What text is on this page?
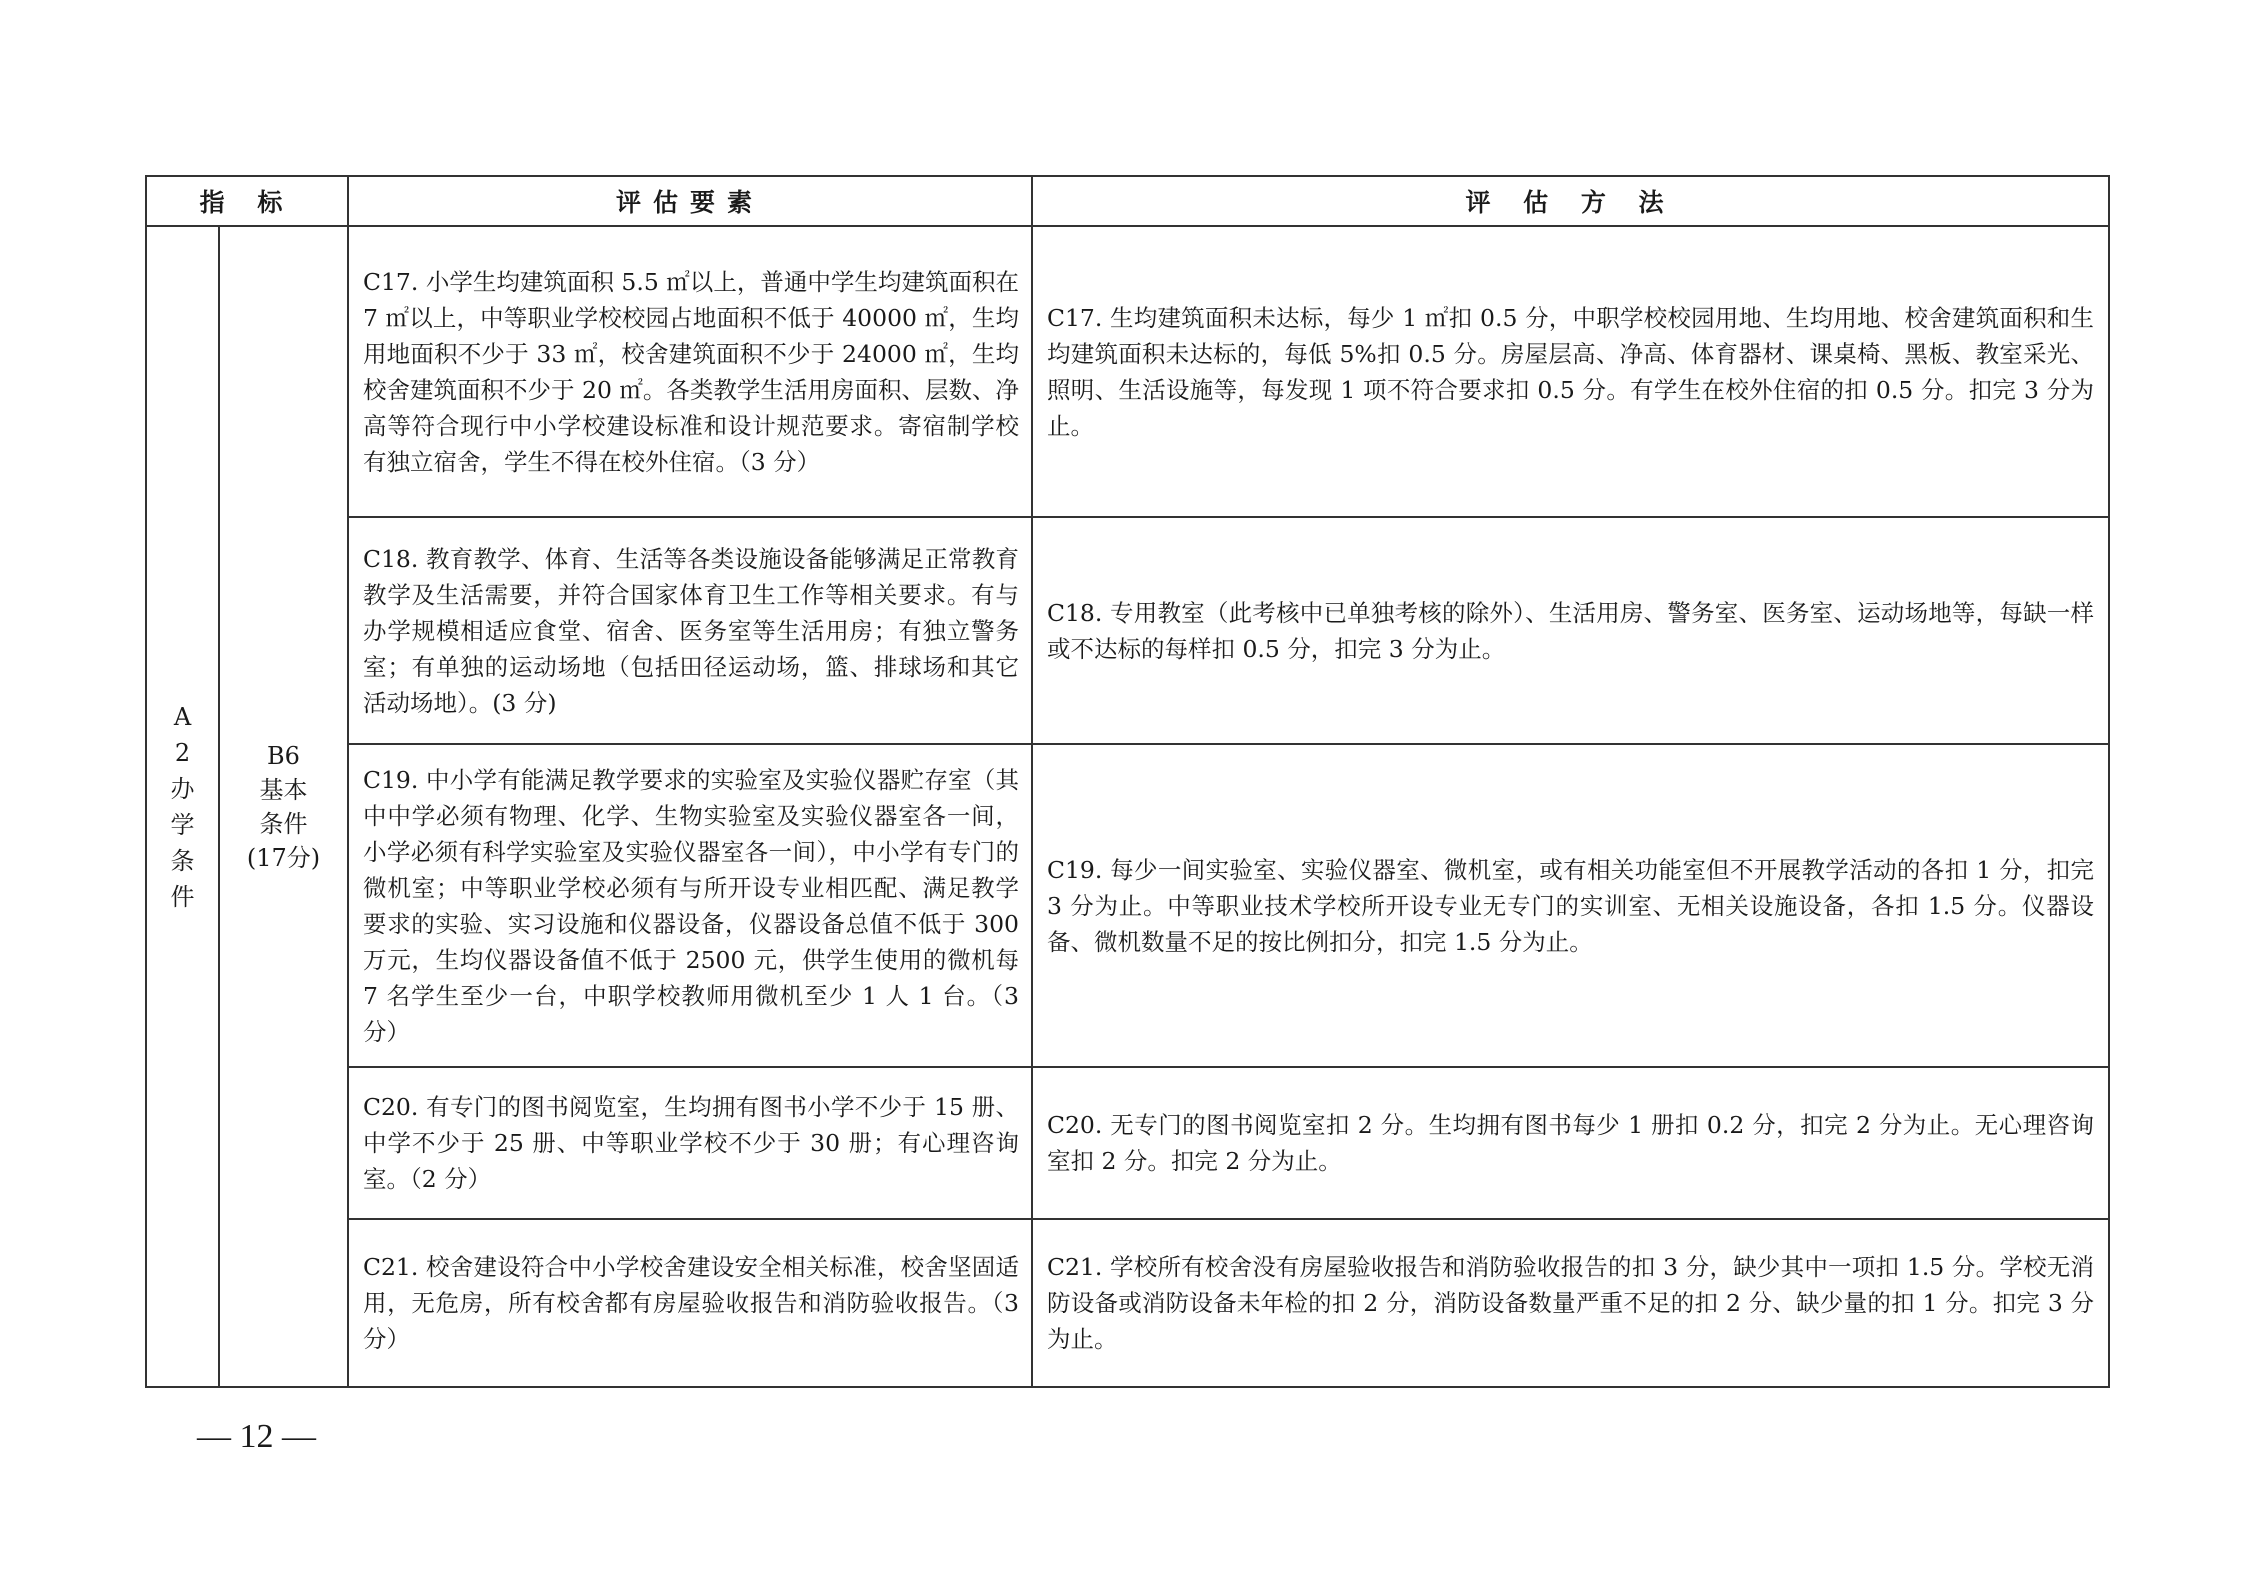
指 标		评估要素	评 估 方 法
A2办学条件	B6
基本
条件
(17分)	C17. 小学生均建筑面积 5.5 ㎡以上，普通中学生均建筑面积在 7 ㎡以上，中等职业学校校园占地面积不低于 40000 ㎡，生均用地面积不少于 33 ㎡，校舍建筑面积不少于 24000 ㎡，生均校舍建筑面积不少于 20 ㎡。各类教学生活用房面积、层数、净高等符合现行中小学校建设标准和设计规范要求。寄宿制学校有独立宿舍，学生不得在校外住宿。（3 分）	C17. 生均建筑面积未达标，每少 1 ㎡扣 0.5 分，中职学校校园用地、生均用地、校舍建筑面积和生均建筑面积未达标的，每低 5%扣 0.5 分。房屋层高、净高、体育器材、课桌椅、黑板、教室采光、照明、生活设施等，每发现 1 项不符合要求扣 0.5 分。有学生在校外住宿的扣 0.5 分。扣完 3 分为止。
		C18. 教育教学、体育、生活等各类设施设备能够满足正常教育教学及生活需要，并符合国家体育卫生工作等相关要求。有与办学规模相适应食堂、宿舍、医务室等生活用房；有独立警务室；有单独的运动场地（包括田径运动场，篮、排球场和其它活动场地）。(3 分)	C18. 专用教室（此考核中已单独考核的除外）、生活用房、警务室、医务室、运动场地等，每缺一样或不达标的每样扣 0.5 分，扣完 3 分为止。
		C19. 中小学有能满足教学要求的实验室及实验仪器贮存室（其中中学必须有物理、化学、生物实验室及实验仪器室各一间，小学必须有科学实验室及实验仪器室各一间），中小学有专门的微机室；中等职业学校必须有与所开设专业相匹配、满足教学要求的实验、实习设施和仪器设备，仪器设备总值不低于 300 万元，生均仪器设备值不低于 2500 元，供学生使用的微机每 7 名学生至少一台，中职学校教师用微机至少 1 人 1 台。（3 分）	C19. 每少一间实验室、实验仪器室、微机室，或有相关功能室但不开展教学活动的各扣 1 分，扣完 3 分为止。中等职业技术学校所开设专业无专门的实训室、无相关设施设备，各扣 1.5 分。仪器设备、微机数量不足的按比例扣分，扣完 1.5 分为止。
		C20. 有专门的图书阅览室，生均拥有图书小学不少于 15 册、中学不少于 25 册、中等职业学校不少于 30 册；有心理咨询室。（2 分）	C20. 无专门的图书阅览室扣 2 分。生均拥有图书每少 1 册扣 0.2 分，扣完 2 分为止。无心理咨询室扣 2 分。扣完 2 分为止。
		C21. 校舍建设符合中小学校舍建设安全相关标准，校舍坚固适用，无危房，所有校舍都有房屋验收报告和消防验收报告。（3 分）	C21. 学校所有校舍没有房屋验收报告和消防验收报告的扣 3 分，缺少其中一项扣 1.5 分。学校无消防设备或消防设备未年检的扣 2 分，消防设备数量严重不足的扣 2 分、缺少量的扣 1 分。扣完 3 分为止。
— 12 —
